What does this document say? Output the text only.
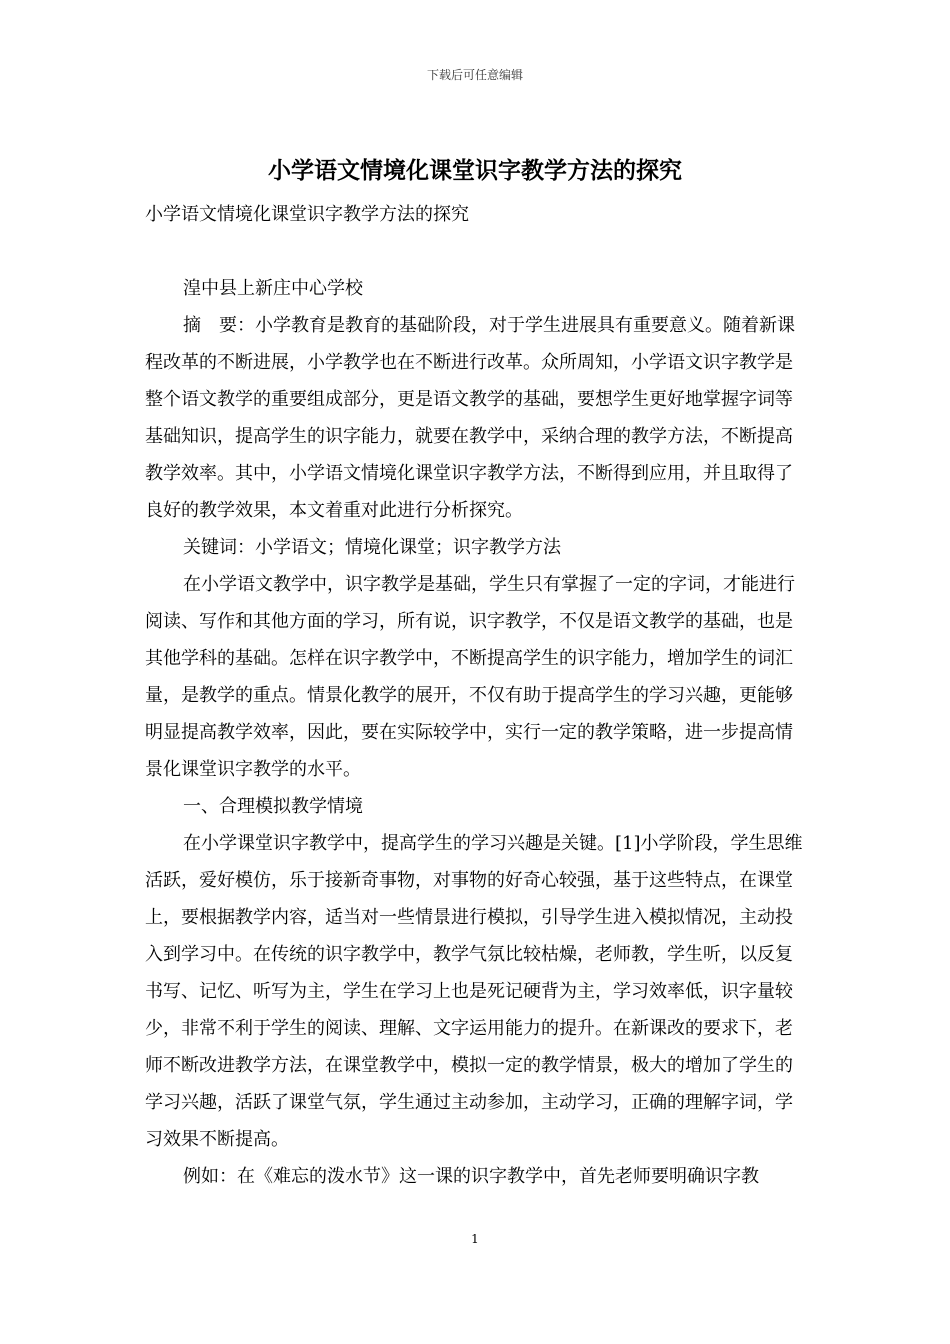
下载后可任意编辑
小学语文情境化课堂识字教学方法的探究

小学语文情境化课堂识字教学方法的探究

湟中县上新庄中心学校

摘　要：小学教育是教育的基础阶段，对于学生进展具有重要意义。随着新课程改革的不断进展，小学教学也在不断进行改革。众所周知，小学语文识字教学是整个语文教学的重要组成部分，更是语文教学的基础，要想学生更好地掌握字词等基础知识，提高学生的识字能力，就要在教学中，采纳合理的教学方法，不断提高教学效率。其中，小学语文情境化课堂识字教学方法，不断得到应用，并且取得了良好的教学效果，本文着重对此进行分析探究。

关键词：小学语文；情境化课堂；识字教学方法

在小学语文教学中，识字教学是基础，学生只有掌握了一定的字词，才能进行阅读、写作和其他方面的学习，所有说，识字教学，不仅是语文教学的基础，也是其他学科的基础。怎样在识字教学中，不断提高学生的识字能力，增加学生的词汇量，是教学的重点。情景化教学的展开，不仅有助于提高学生的学习兴趣，更能够明显提高教学效率，因此，要在实际较学中，实行一定的教学策略，进一步提高情景化课堂识字教学的水平。

一、合理模拟教学情境

在小学课堂识字教学中，提高学生的学习兴趣是关键。[1]小学阶段，学生思维活跃，爱好模仿，乐于接新奇事物，对事物的好奇心较强，基于这些特点，在课堂上，要根据教学内容，适当对一些情景进行模拟，引导学生进入模拟情况，主动投入到学习中。在传统的识字教学中，教学气氛比较枯燥，老师教，学生听，以反复书写、记忆、听写为主，学生在学习上也是死记硬背为主，学习效率低，识字量较少，非常不利于学生的阅读、理解、文字运用能力的提升。在新课改的要求下，老师不断改进教学方法，在课堂教学中，模拟一定的教学情景，极大的增加了学生的学习兴趣，活跃了课堂气氛，学生通过主动参加，主动学习，正确的理解字词，学习效果不断提高。

例如：在《难忘的泼水节》这一课的识字教学中，首先老师要明确识字教

1
